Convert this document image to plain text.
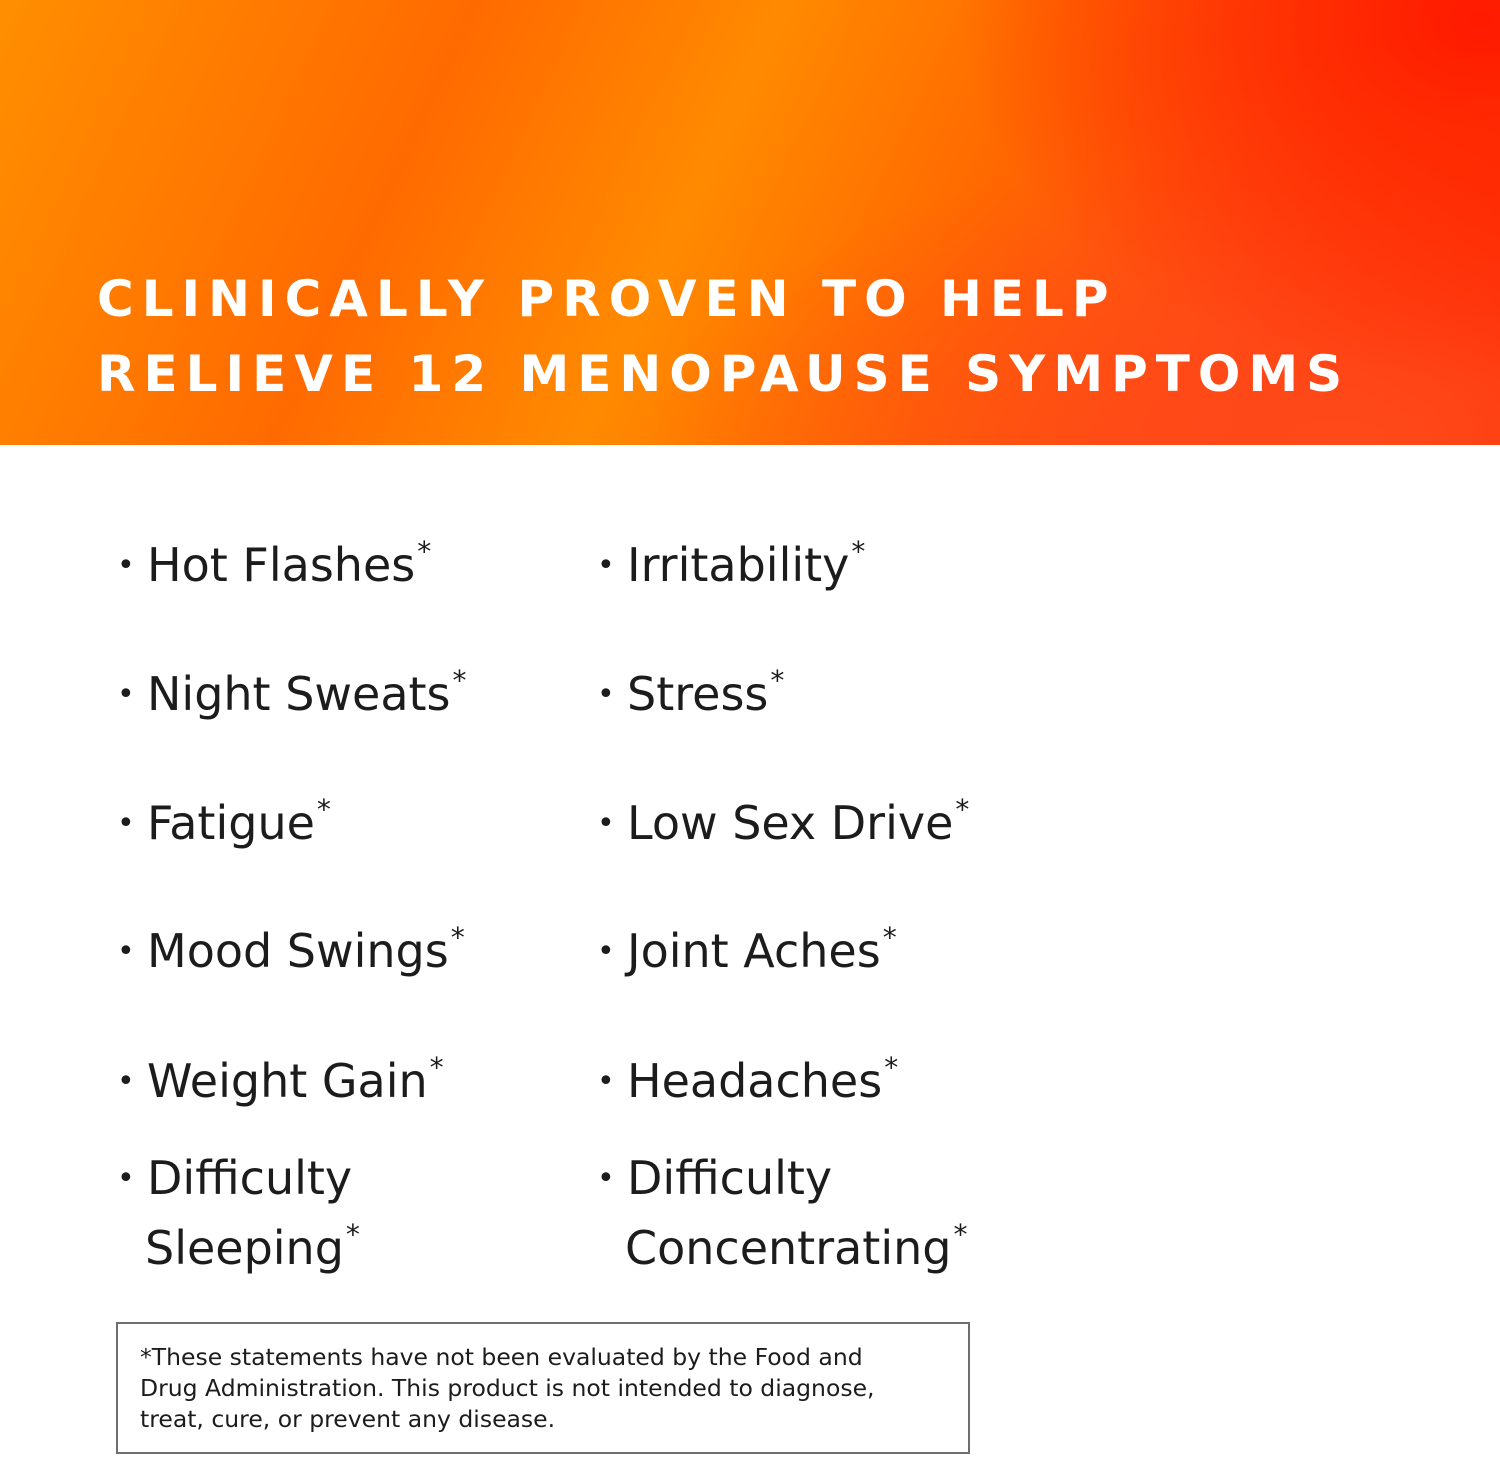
CLINICALLY PROVEN TO HELP
RELIEVE 12 MENOPAUSE SYMPTOMS
• Hot Flashes*
• Night Sweats*
• Fatigue*
• Mood Swings*
• Weight Gain*
• Difficulty
Sleeping*
• Irritability*
• Stress*
• Low Sex Drive*
• Joint Aches*
• Headaches*
• Difficulty
Concentrating*
*These statements have not been evaluated by the Food and
Drug Administration. This product is not intended to diagnose,
treat, cure, or prevent any disease.
